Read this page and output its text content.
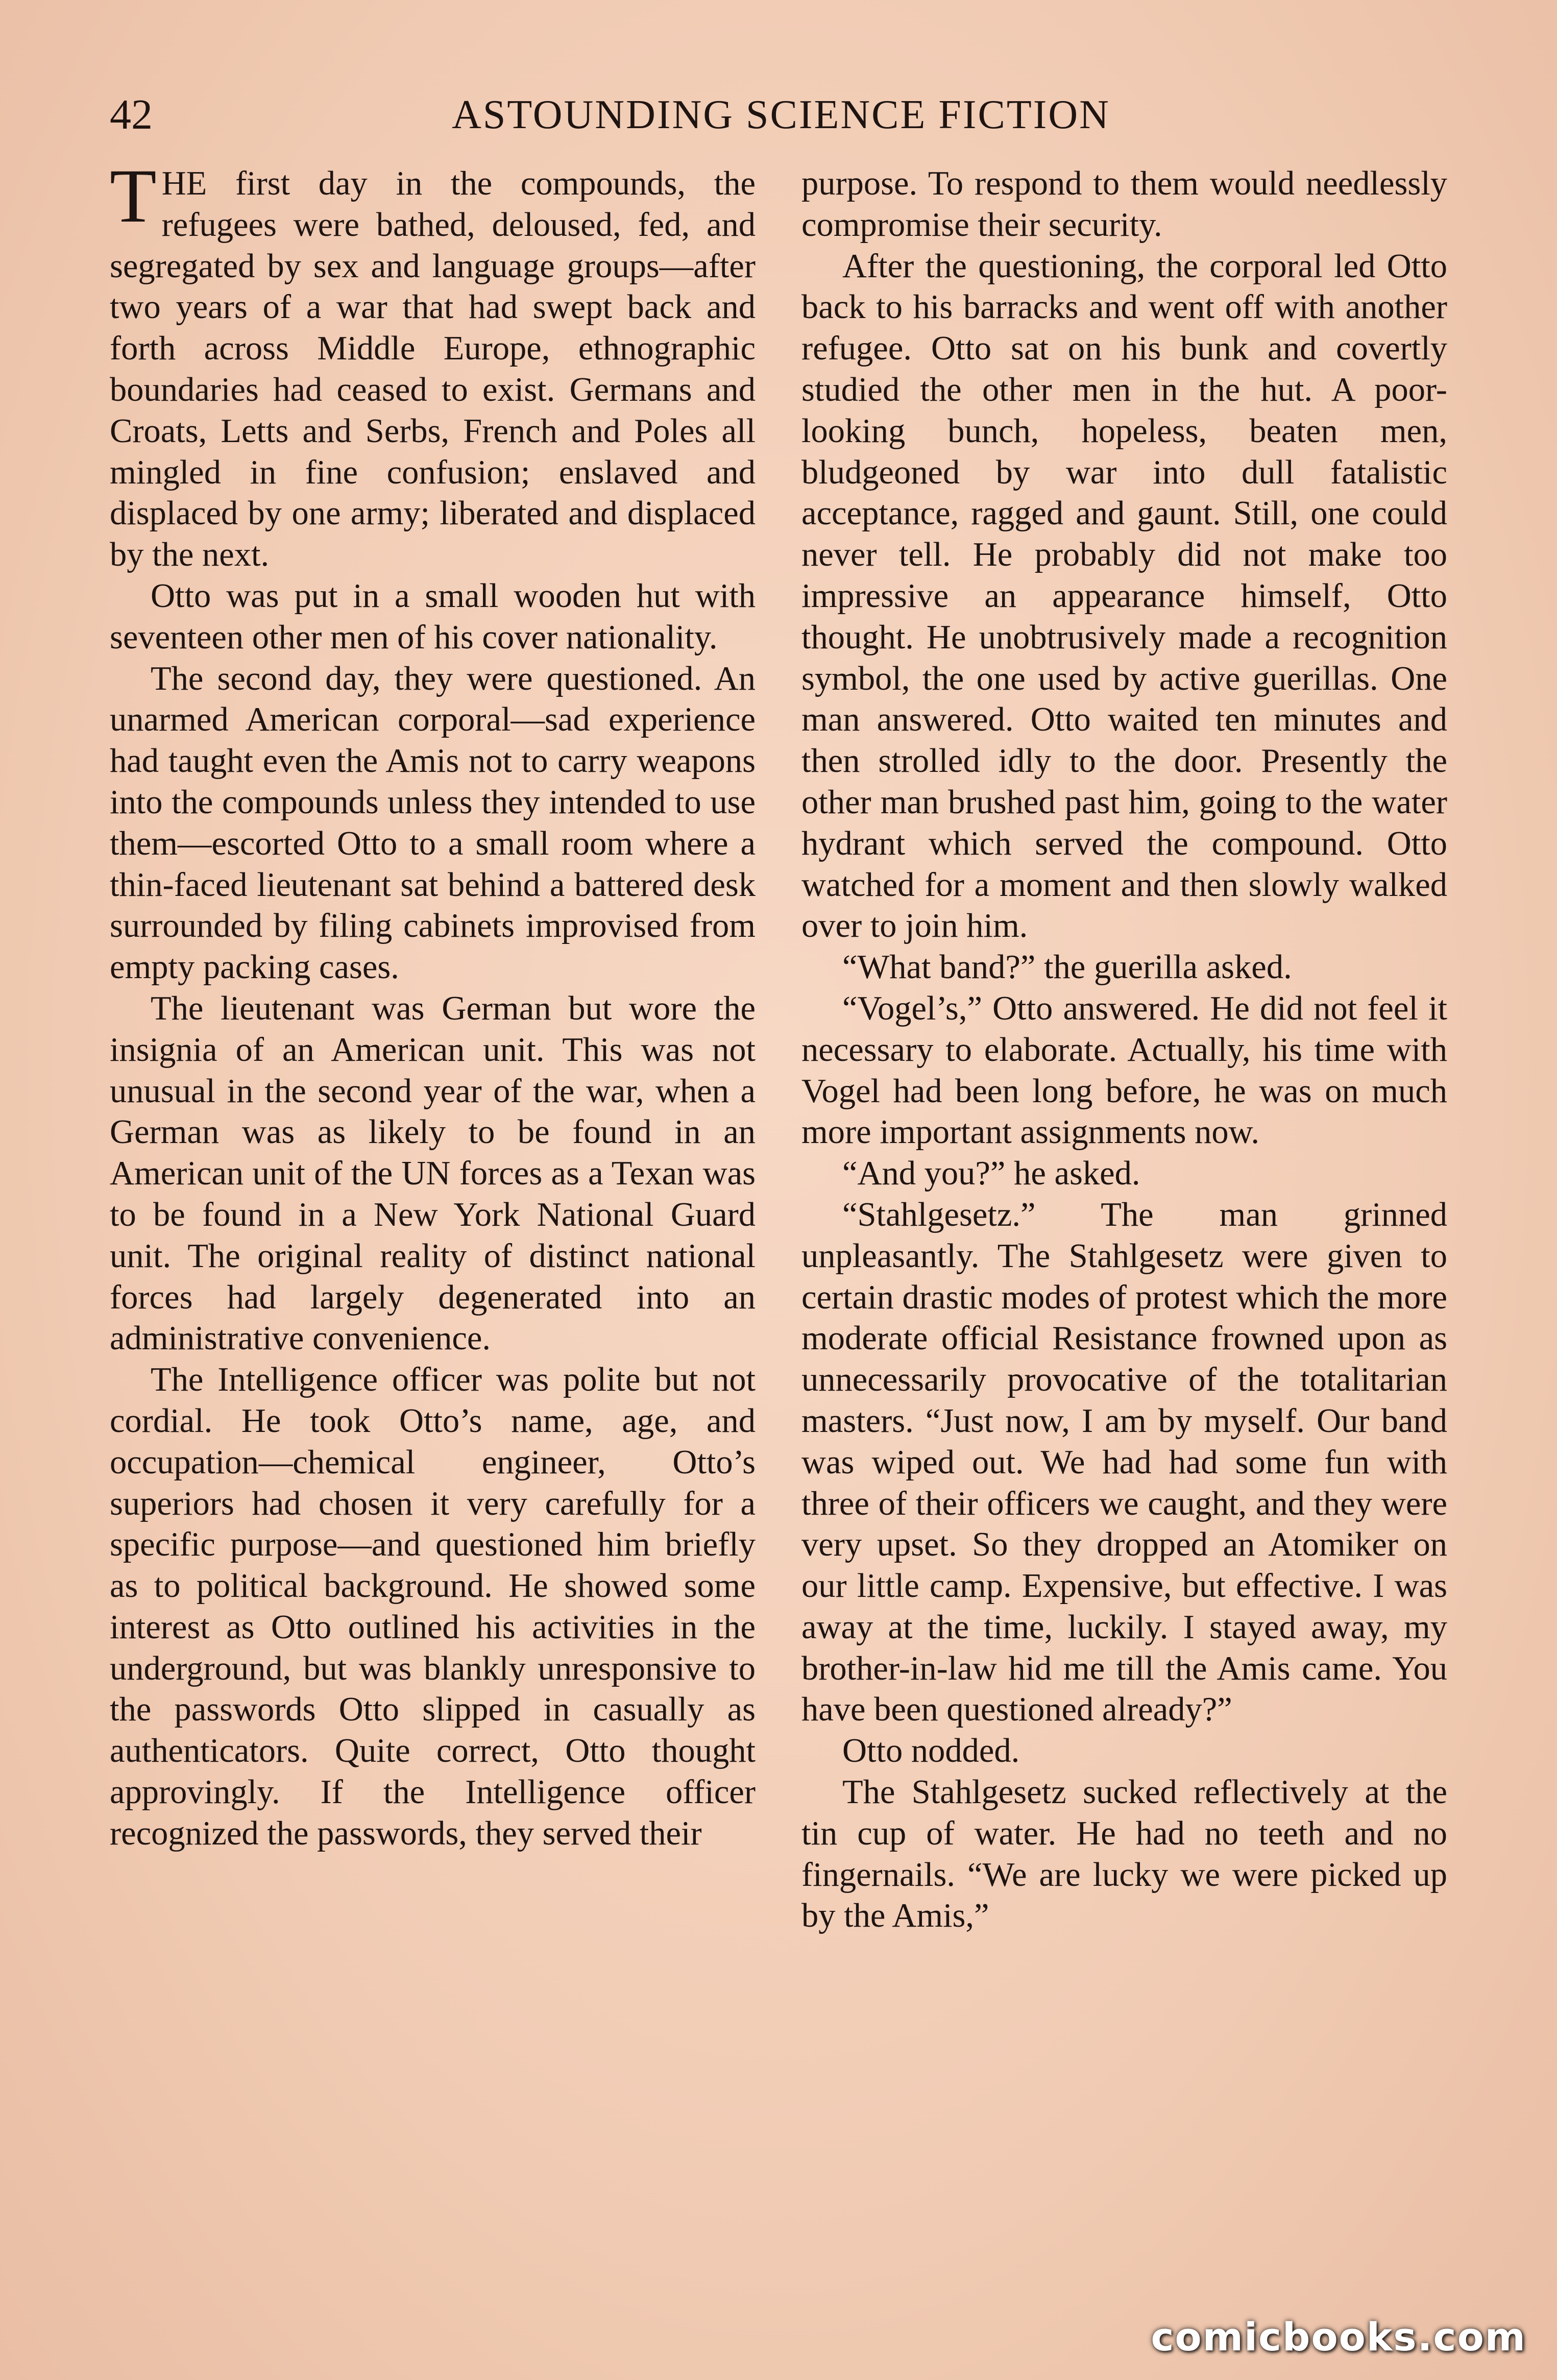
42	ASTOUNDING SCIENCE FICTION

THE first day in the compounds, the refugees were bathed, deloused, fed, and segregated by sex and language groups—after two years of a war that had swept back and forth across Middle Europe, ethnographic boundaries had ceased to exist. Germans and Croats, Letts and Serbs, French and Poles all mingled in fine confusion; enslaved and displaced by one army; liberated and displaced by the next.

Otto was put in a small wooden hut with seventeen other men of his cover nationality.

The second day, they were questioned. An unarmed American corporal—sad experience had taught even the Amis not to carry weapons into the compounds unless they intended to use them—escorted Otto to a small room where a thin-faced lieutenant sat behind a battered desk surrounded by filing cabinets improvised from empty packing cases.

The lieutenant was German but wore the insignia of an American unit. This was not unusual in the second year of the war, when a German was as likely to be found in an American unit of the UN forces as a Texan was to be found in a New York National Guard unit. The original reality of distinct national forces had largely degenerated into an administrative convenience.

The Intelligence officer was polite but not cordial. He took Otto’s name, age, and occupation—chemical engineer, Otto’s superiors had chosen it very carefully for a specific purpose—and questioned him briefly as to political background. He showed some interest as Otto outlined his activities in the underground, but was blankly unresponsive to the passwords Otto slipped in casually as authenticators. Quite correct, Otto thought approvingly. If the Intelligence officer recognized the passwords, they served their

purpose. To respond to them would needlessly compromise their security.

After the questioning, the corporal led Otto back to his barracks and went off with another refugee. Otto sat on his bunk and covertly studied the other men in the hut. A poor-looking bunch, hopeless, beaten men, bludgeoned by war into dull fatalistic acceptance, ragged and gaunt. Still, one could never tell. He probably did not make too impressive an appearance himself, Otto thought. He unobtrusively made a recognition symbol, the one used by active guerillas. One man answered. Otto waited ten minutes and then strolled idly to the door. Presently the other man brushed past him, going to the water hydrant which served the compound. Otto watched for a moment and then slowly walked over to join him.

“What band?” the guerilla asked.

“Vogel’s,” Otto answered. He did not feel it necessary to elaborate. Actually, his time with Vogel had been long before, he was on much more important assignments now.

“And you?” he asked.

“Stahlgesetz.” The man grinned unpleasantly. The Stahlgesetz were given to certain drastic modes of protest which the more moderate official Resistance frowned upon as unnecessarily provocative of the totalitarian masters. “Just now, I am by myself. Our band was wiped out. We had had some fun with three of their officers we caught, and they were very upset. So they dropped an Atomiker on our little camp. Expensive, but effective. I was away at the time, luckily. I stayed away, my brother-in-law hid me till the Amis came. You have been questioned already?”

Otto nodded.

The Stahlgesetz sucked reflectively at the tin cup of water. He had no teeth and no fingernails. “We are lucky we were picked up by the Amis,”

comicbooks.com
